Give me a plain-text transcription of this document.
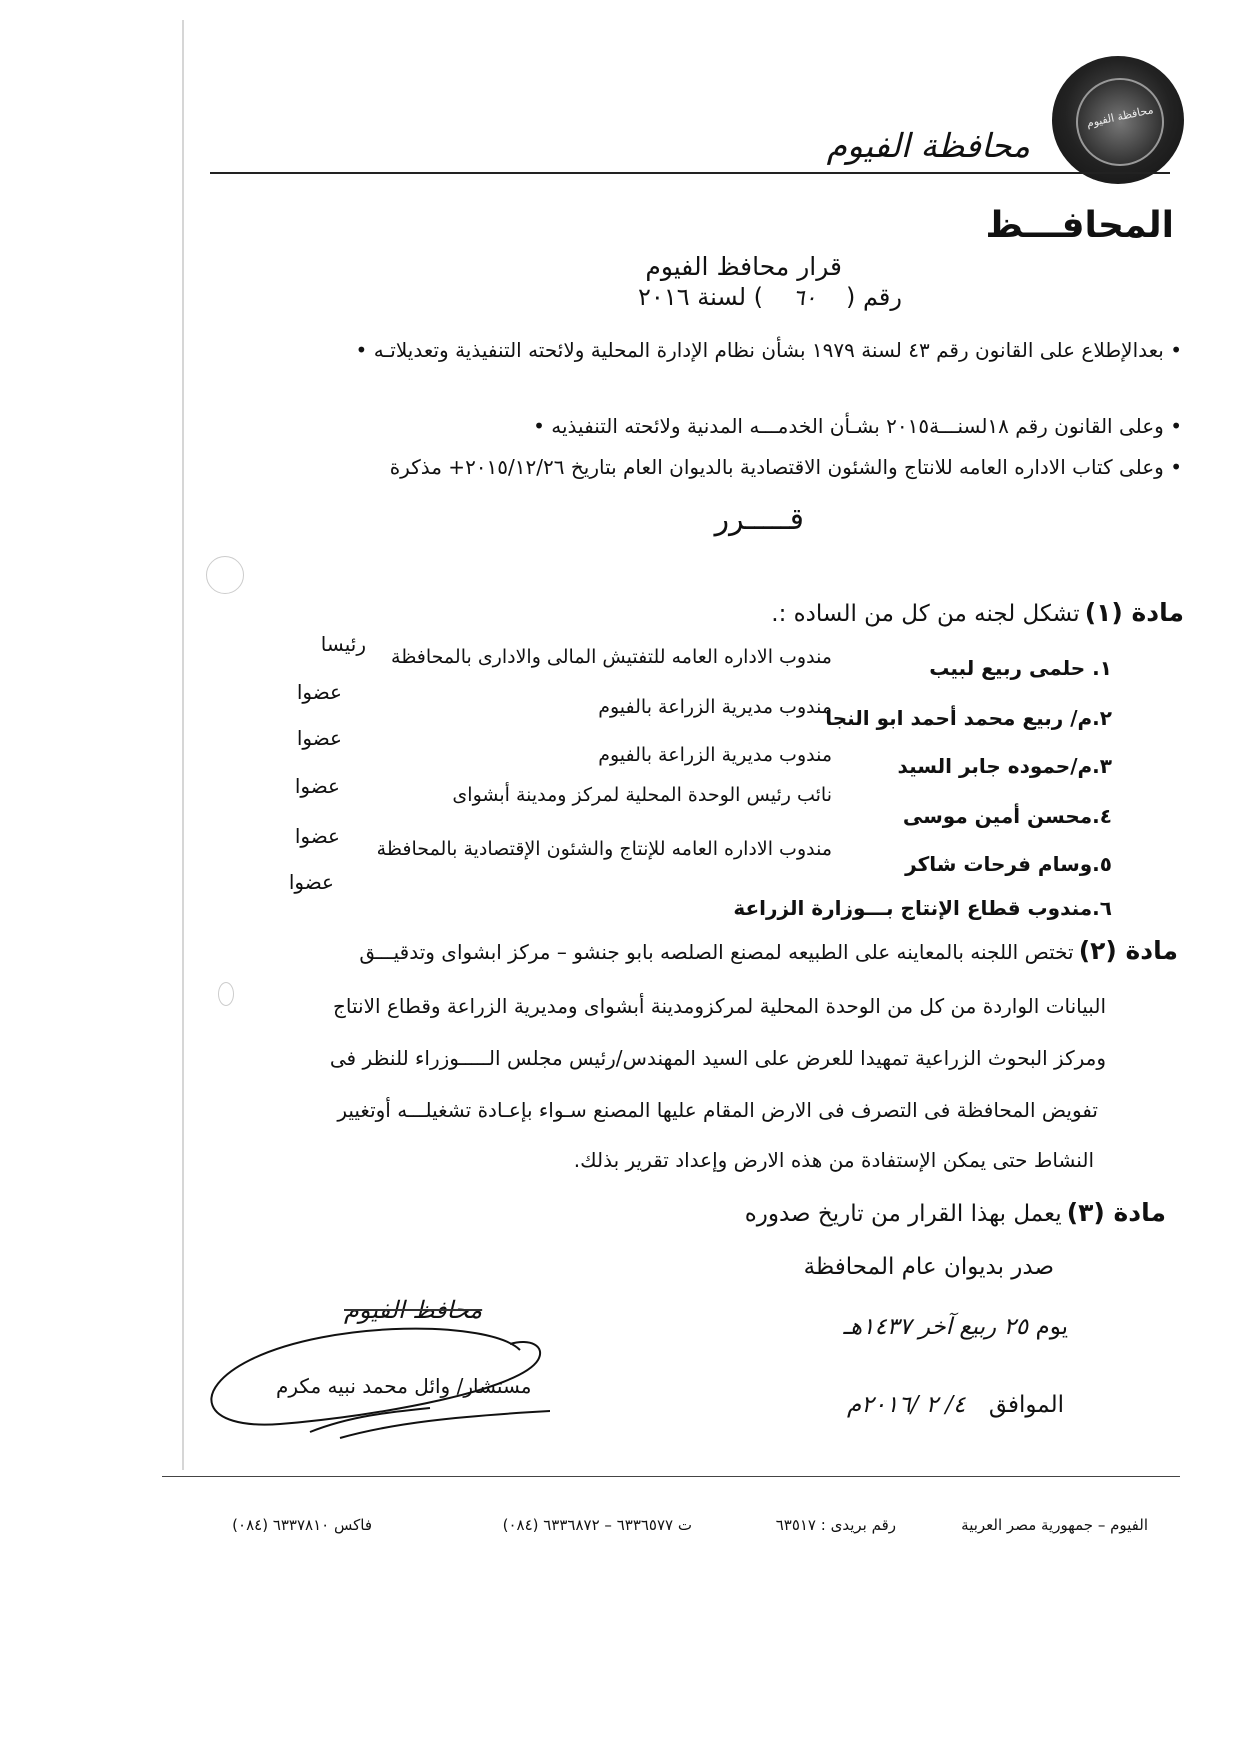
محافظة الفيوم
محافظة الفيوم
المحافـــظ
قرار محافظ الفيوم
رقم ( ٦٠ ) لسنة ٢٠١٦
• بعدالإطلاع على القانون رقم ٤٣ لسنة ١٩٧٩ بشأن نظام الإدارة المحلية ولائحته التنفيذية وتعديلاتـه •
• وعلى القانون رقم ١٨لسنـــة٢٠١٥ بشـأن الخدمـــه المدنية ولائحته التنفيذيه •
• وعلى كتاب الاداره العامه للانتاج والشئون الاقتصادية بالديوان العام بتاريخ ٢٠١٥/١٢/٢٦+ مذكرة
قـــــرر
مادة (١) تشكل لجنه من كل من الساده :.
١. حلمى ربيع لبيب
مندوب الاداره العامه للتفتيش المالى والادارى بالمحافظة
رئيسا
٢.م/ ربيع محمد أحمد ابو النجا
مندوب مديرية الزراعة بالفيوم
عضوا
٣.م/حموده جابر السيد
مندوب مديرية الزراعة بالفيوم
عضوا
٤.محسن أمين موسى
نائب رئيس الوحدة المحلية لمركز ومدينة أبشواى
عضوا
٥.وسام فرحات شاكر
مندوب الاداره العامه للإنتاج والشئون الإقتصادية بالمحافظة
عضوا
٦.مندوب قطاع الإنتاج بـــوزارة الزراعة
عضوا
مادة (٢) تختص اللجنه بالمعاينه على الطبيعه لمصنع الصلصه بابو جنشو – مركز ابشواى وتدقيـــق
البيانات الواردة من كل من الوحدة المحلية لمركزومدينة أبشواى ومديرية الزراعة وقطاع الانتاج
ومركز البحوث الزراعية تمهيدا للعرض على السيد المهندس/رئيس مجلس الـــــوزراء للنظر فى
تفويض المحافظة فى التصرف فى الارض المقام عليها المصنع سـواء بإعـادة تشغيلـــه أوتغيير
النشاط حتى يمكن الإستفادة من هذه الارض وإعداد تقرير بذلك.
مادة (٣) يعمل بهذا القرار من تاريخ صدوره
صدر بديوان عام المحافظة
يوم ٢٥ ربيع آخر ١٤٣٧هـ
الموافق ٤/ ٢ /٢٠١٦م
محافظ الفيوم
مستشار/ وائل محمد نبيه مكرم
الفيوم – جمهورية مصر العربية
رقم بريدى : ٦٣٥١٧
ت ٦٣٣٦٥٧٧ – ٦٣٣٦٨٧٢ (٠٨٤)
فاكس ٦٣٣٧٨١٠ (٠٨٤)
